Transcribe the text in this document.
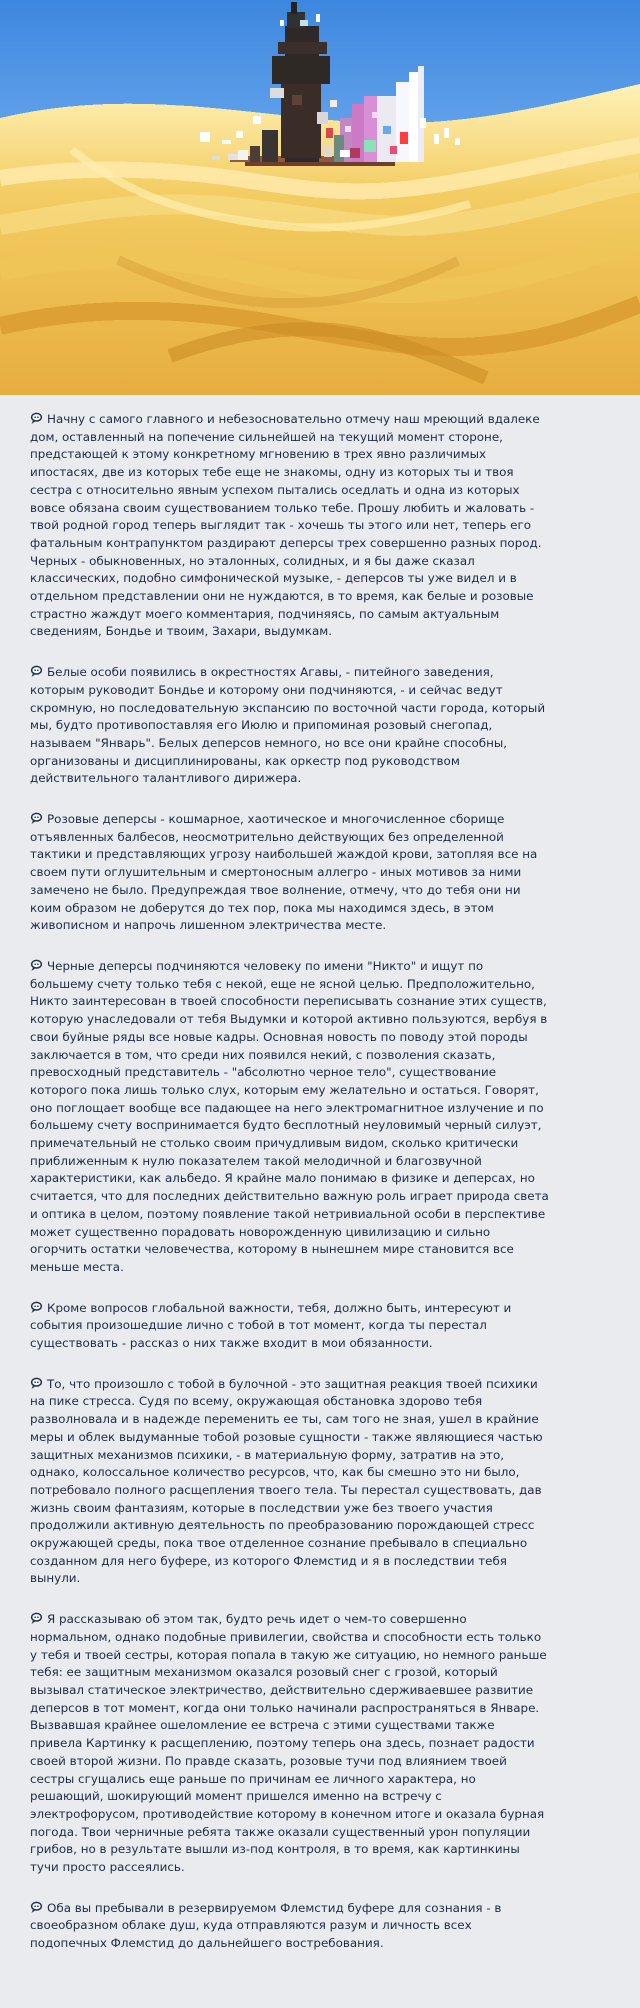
Начну с самого главного и небезосновательно отмечу наш мреющий вдалеке дом, оставленный на попечение сильнейшей на текущий момент стороне, предстающей к этому конкретному мгновению в трех явно различимых ипостасях, две из которых тебе еще не знакомы, одну из которых ты и твоя сестра с относительно явным успехом пытались оседлать и одна из которых вовсе обязана своим существованием только тебе. Прошу любить и жаловать - твой родной город теперь выглядит так - хочешь ты этого или нет, теперь его фатальным контрапунктом раздирают деперсы трех совершенно разных пород. Черных - обыкновенных, но эталонных, солидных, и я бы даже сказал классических, подобно симфонической музыке, - деперсов ты уже видел и в отдельном представлении они не нуждаются, в то время, как белые и розовые страстно жаждут моего комментария, подчиняясь, по самым актуальным сведениям, Бондье и твоим, Захари, выдумкам.

Белые особи появились в окрестностях Агавы, - питейного заведения, которым руководит Бондье и которому они подчиняются, - и сейчас ведут скромную, но последовательную экспансию по восточной части города, который мы, будто противопоставляя его Июлю и припоминая розовый снегопад, называем "Январь". Белых деперсов немного, но все они крайне способны, организованы и дисциплинированы, как оркестр под руководством действительного талантливого дирижера.

Розовые деперсы - кошмарное, хаотическое и многочисленное сборище отъявленных балбесов, неосмотрительно действующих без определенной тактики и представляющих угрозу наибольшей жаждой крови, затопляя все на своем пути оглушительным и смертоносным аллегро - иных мотивов за ними замечено не было. Предупреждая твое волнение, отмечу, что до тебя они ни коим образом не доберутся до тех пор, пока мы находимся здесь, в этом живописном и напрочь лишенном электричества месте.

Черные деперсы подчиняются человеку по имени "Никто" и ищут по большему счету только тебя с некой, еще не ясной целью. Предположительно, Никто заинтересован в твоей способности переписывать сознание этих существ, которую унаследовали от тебя Выдумки и которой активно пользуются, вербуя в свои буйные ряды все новые кадры. Основная новость по поводу этой породы заключается в том, что среди них появился некий, с позволения сказать, превосходный представитель - "абсолютно черное тело", существование которого пока лишь только слух, которым ему желательно и остаться. Говорят, оно поглощает вообще все падающее на него электромагнитное излучение и по большему счету воспринимается будто бесплотный неуловимый черный силуэт, примечательный не столько своим причудливым видом, сколько критически приближенным к нулю показателем такой мелодичной и благозвучной характеристики, как альбедо. Я крайне мало понимаю в физике и деперсах, но считается, что для последних действительно важную роль играет природа света и оптика в целом, поэтому появление такой нетривиальной особи в перспективе может существенно порадовать новорожденную цивилизацию и сильно огорчить остатки человечества, которому в нынешнем мире становится все меньше места.

Кроме вопросов глобальной важности, тебя, должно быть, интересуют и события произошедшие лично с тобой в тот момент, когда ты перестал существовать - рассказ о них также входит в мои обязанности.

То, что произошло с тобой в булочной - это защитная реакция твоей психики на пике стресса. Судя по всему, окружающая обстановка здорово тебя разволновала и в надежде переменить ее ты, сам того не зная, ушел в крайние меры и облек выдуманные тобой розовые сущности - также являющиеся частью защитных механизмов психики, - в материальную форму, затратив на это, однако, колоссальное количество ресурсов, что, как бы смешно это ни было, потребовало полного расщепления твоего тела. Ты перестал существовать, дав жизнь своим фантазиям, которые в последствии уже без твоего участия продолжили активную деятельность по преобразованию порождающей стресс окружающей среды, пока твое отделенное сознание пребывало в специально созданном для него буфере, из которого Флемстид и я в последствии тебя вынули.

Я рассказываю об этом так, будто речь идет о чем-то совершенно нормальном, однако подобные привилегии, свойства и способности есть только у тебя и твоей сестры, которая попала в такую же ситуацию, но немного раньше тебя: ее защитным механизмом оказался розовый снег с грозой, который вызывал статическое электричество, действительно сдерживаевшее развитие деперсов в тот момент, когда они только начинали распространяться в Январе. Вызвавшая крайнее ошеломление ее встреча с этими существами также привела Картинку к расщеплению, поэтому теперь она здесь, познает радости своей второй жизни. По правде сказать, розовые тучи под влиянием твоей сестры сгущались еще раньше по причинам ее личного характера, но решающий, шокирующий момент пришелся именно на встречу с электрофорусом, противодействие которому в конечном итоге и оказала бурная погода. Твои черничные ребята также оказали существенный урон популяции грибов, но в результате вышли из-под контроля, в то время, как картинкины тучи просто рассеялись.

Оба вы пребывали в резервируемом Флемстид буфере для сознания - в своеобразном облаке душ, куда отправляются разум и личность всех подопечных Флемстид до дальнейшего востребования.
